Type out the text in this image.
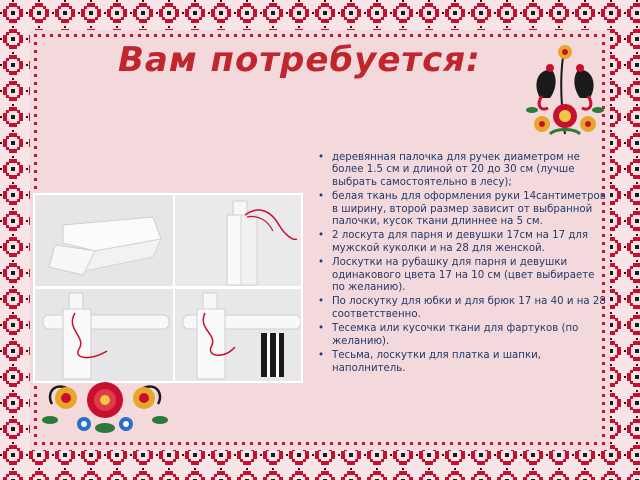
Вам потребуется:
• деревянная палочка для ручек диаметром не более 1.5 см и длиной от 20 до 30 см (лучше выбрать самостоятельно в лесу);
• белая ткань для оформления руки 14сантиметров в ширину, второй размер зависит от выбранной палочки, кусок ткани длиннее на 5 см.
• 2 лоскута для парня и девушки 17см на 17 для мужской куколки и на 28 для женской.
• Лоскутки на рубашку для парня и девушки одинакового цвета 17 на 10 см (цвет выбираете по желанию).
• По лоскутку для юбки и для брюк 17 на 40 и на 28 соответственно.
• Тесемка или кусочки ткани для фартуков (по желанию).
• Тесьма, лоскутки для платка и шапки, наполнитель.
